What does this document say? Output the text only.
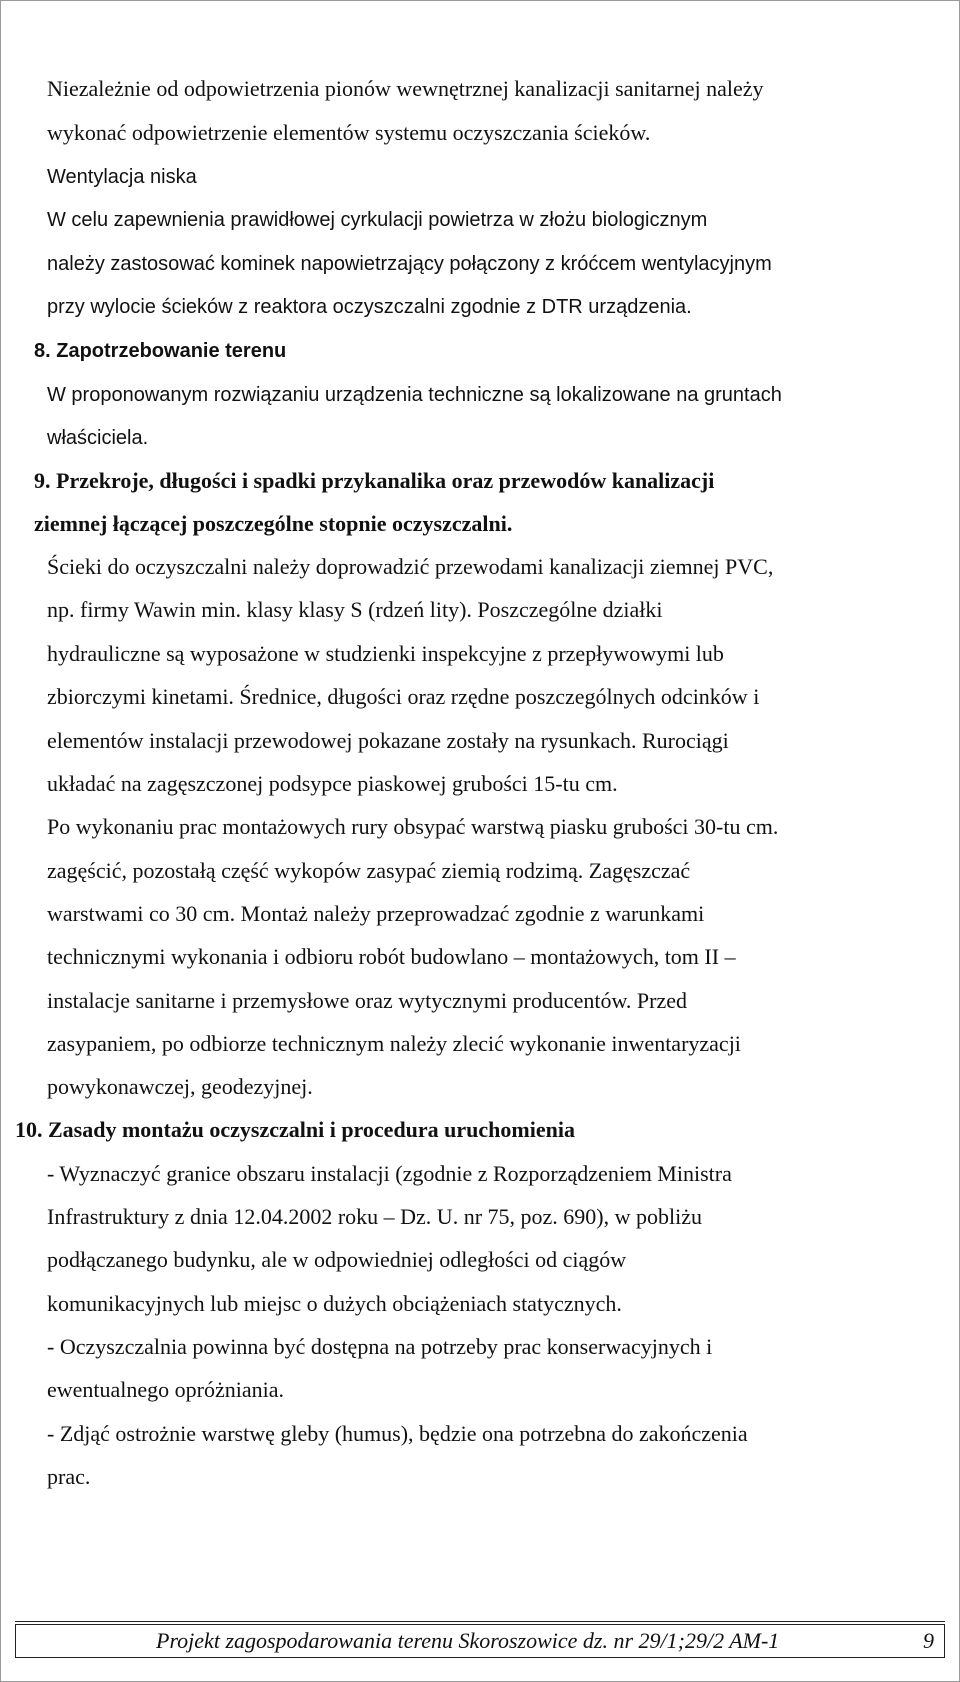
Niezależnie od odpowietrzenia pionów wewnętrznej kanalizacji sanitarnej należy
wykonać odpowietrzenie elementów systemu oczyszczania ścieków.
Wentylacja niska
W celu zapewnienia prawidłowej cyrkulacji powietrza w złożu biologicznym
należy zastosować kominek napowietrzający połączony z króćcem wentylacyjnym
przy wylocie ścieków z reaktora oczyszczalni zgodnie z DTR urządzenia.
8. Zapotrzebowanie terenu
W proponowanym rozwiązaniu urządzenia techniczne są lokalizowane na gruntach
właściciela.
9. Przekroje, długości i spadki przykanalika oraz przewodów kanalizacji
ziemnej łączącej poszczególne stopnie oczyszczalni.
Ścieki do oczyszczalni należy doprowadzić przewodami kanalizacji ziemnej PVC,
np. firmy Wawin min. klasy klasy S (rdzeń lity). Poszczególne działki
hydrauliczne są wyposażone w studzienki inspekcyjne z przepływowymi lub
zbiorczymi kinetami. Średnice, długości oraz rzędne poszczególnych odcinków i
elementów instalacji przewodowej pokazane zostały na rysunkach. Rurociągi
układać na zagęszczonej podsypce piaskowej grubości 15-tu cm.
Po wykonaniu prac montażowych rury obsypać warstwą piasku grubości 30-tu cm.
zagęścić, pozostałą część wykopów zasypać ziemią rodzimą. Zagęszczać
warstwami co 30 cm. Montaż należy przeprowadzać zgodnie z warunkami
technicznymi wykonania i odbioru robót budowlano – montażowych, tom II –
instalacje sanitarne i przemysłowe oraz wytycznymi producentów. Przed
zasypaniem, po odbiorze technicznym należy zlecić wykonanie inwentaryzacji
powykonawczej, geodezyjnej.
10. Zasady montażu oczyszczalni i procedura uruchomienia
- Wyznaczyć granice obszaru instalacji (zgodnie z Rozporządzeniem Ministra
Infrastruktury z dnia 12.04.2002 roku – Dz. U. nr 75, poz. 690), w pobliżu
podłączanego budynku, ale w odpowiedniej odległości od ciągów
komunikacyjnych lub miejsc o dużych obciążeniach statycznych.
- Oczyszczalnia powinna być dostępna na potrzeby prac konserwacyjnych i
ewentualnego opróżniania.
- Zdjąć ostrożnie warstwę gleby (humus), będzie ona potrzebna do zakończenia
prac.
Projekt zagospodarowania terenu Skoroszowice dz. nr 29/1;29/2 AM-1	9
